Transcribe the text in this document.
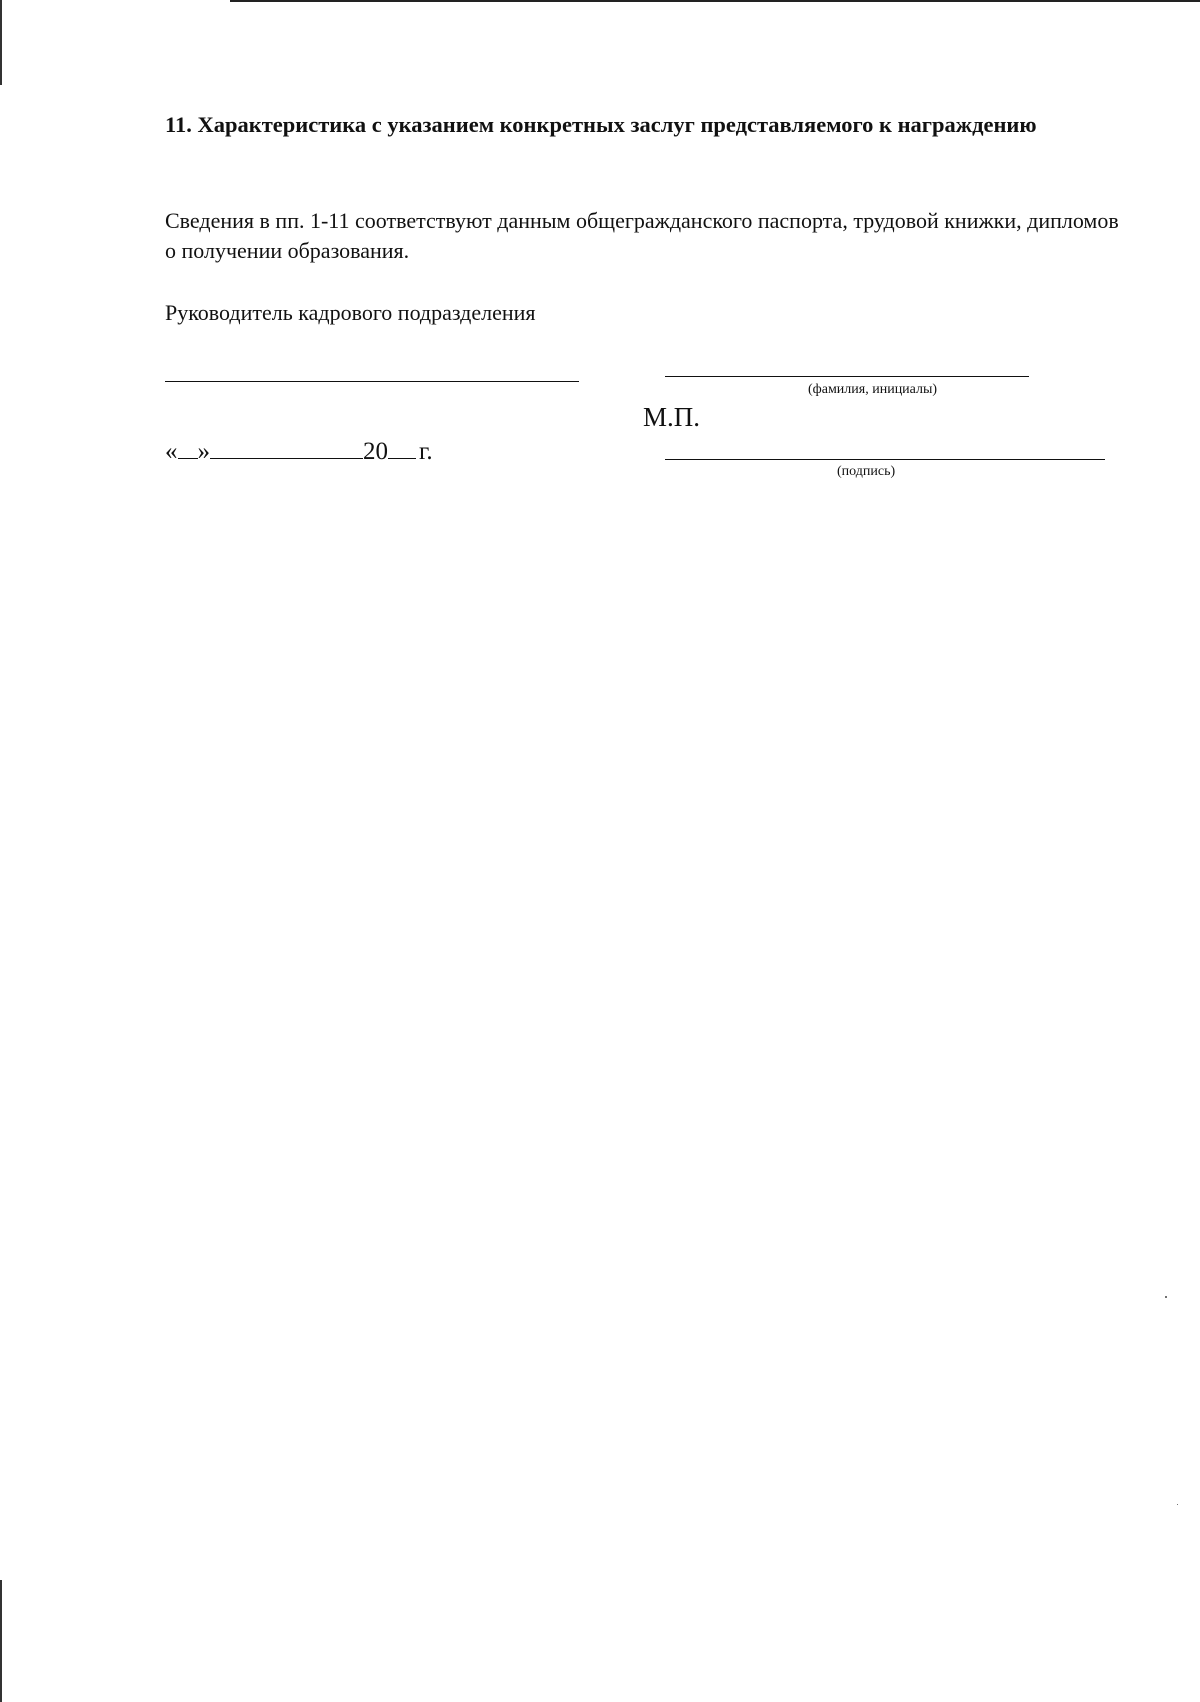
11. Характеристика с указанием конкретных заслуг представляемого к награждению
Сведения в пп. 1-11 соответствуют данным общегражданского паспорта, трудовой книжки, дипломов о получении образования.
Руководитель кадрового подразделения
(фамилия, инициалы)
М.П.
« »	20 г.
(подпись)
